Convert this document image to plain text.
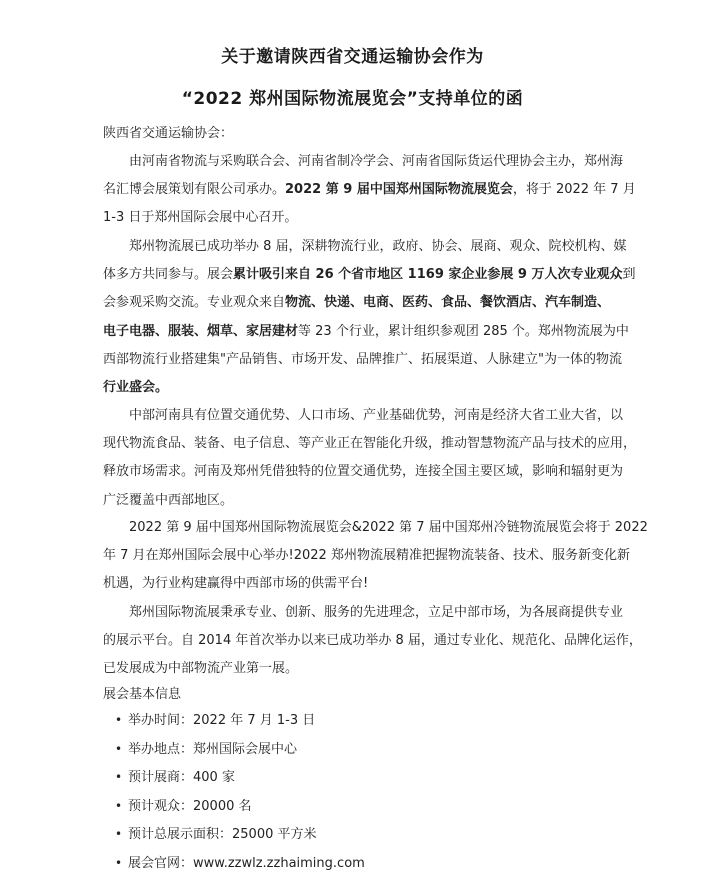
关于邀请陕西省交通运输协会作为
“2022 郑州国际物流展览会”支持单位的函
陕西省交通运输协会：
由河南省物流与采购联合会、河南省制冷学会、河南省国际货运代理协会主办，郑州海
名汇博会展策划有限公司承办。2022 第 9 届中国郑州国际物流展览会，将于 2022 年 7 月
1-3 日于郑州国际会展中心召开。
郑州物流展已成功举办 8 届，深耕物流行业，政府、协会、展商、观众、院校机构、媒
体多方共同参与。展会累计吸引来自 26 个省市地区 1169 家企业参展 9 万人次专业观众到
会参观采购交流。专业观众来自物流、快递、电商、医药、食品、餐饮酒店、汽车制造、
电子电器、服装、烟草、家居建材等 23 个行业，累计组织参观团 285 个。郑州物流展为中
西部物流行业搭建集"产品销售、市场开发、品牌推广、拓展渠道、人脉建立"为一体的物流
行业盛会。
中部河南具有位置交通优势、人口市场、产业基础优势，河南是经济大省工业大省，以
现代物流食品、装备、电子信息、等产业正在智能化升级，推动智慧物流产品与技术的应用，
释放市场需求。河南及郑州凭借独特的位置交通优势，连接全国主要区域，影响和辐射更为
广泛覆盖中西部地区。
2022 第 9 届中国郑州国际物流展览会&2022 第 7 届中国郑州冷链物流展览会将于 2022
年 7 月在郑州国际会展中心举办!2022 郑州物流展精准把握物流装备、技术、服务新变化新
机遇，为行业构建赢得中西部市场的供需平台!
郑州国际物流展秉承专业、创新、服务的先进理念，立足中部市场，为各展商提供专业
的展示平台。自 2014 年首次举办以来已成功举办 8 届，通过专业化、规范化、品牌化运作，
已发展成为中部物流产业第一展。
展会基本信息
• 举办时间：2022 年 7 月 1-3 日
• 举办地点：郑州国际会展中心
• 预计展商：400 家
• 预计观众：20000 名
• 预计总展示面积：25000 平方米
• 展会官网：www.zzwlz.zzhaiming.com
